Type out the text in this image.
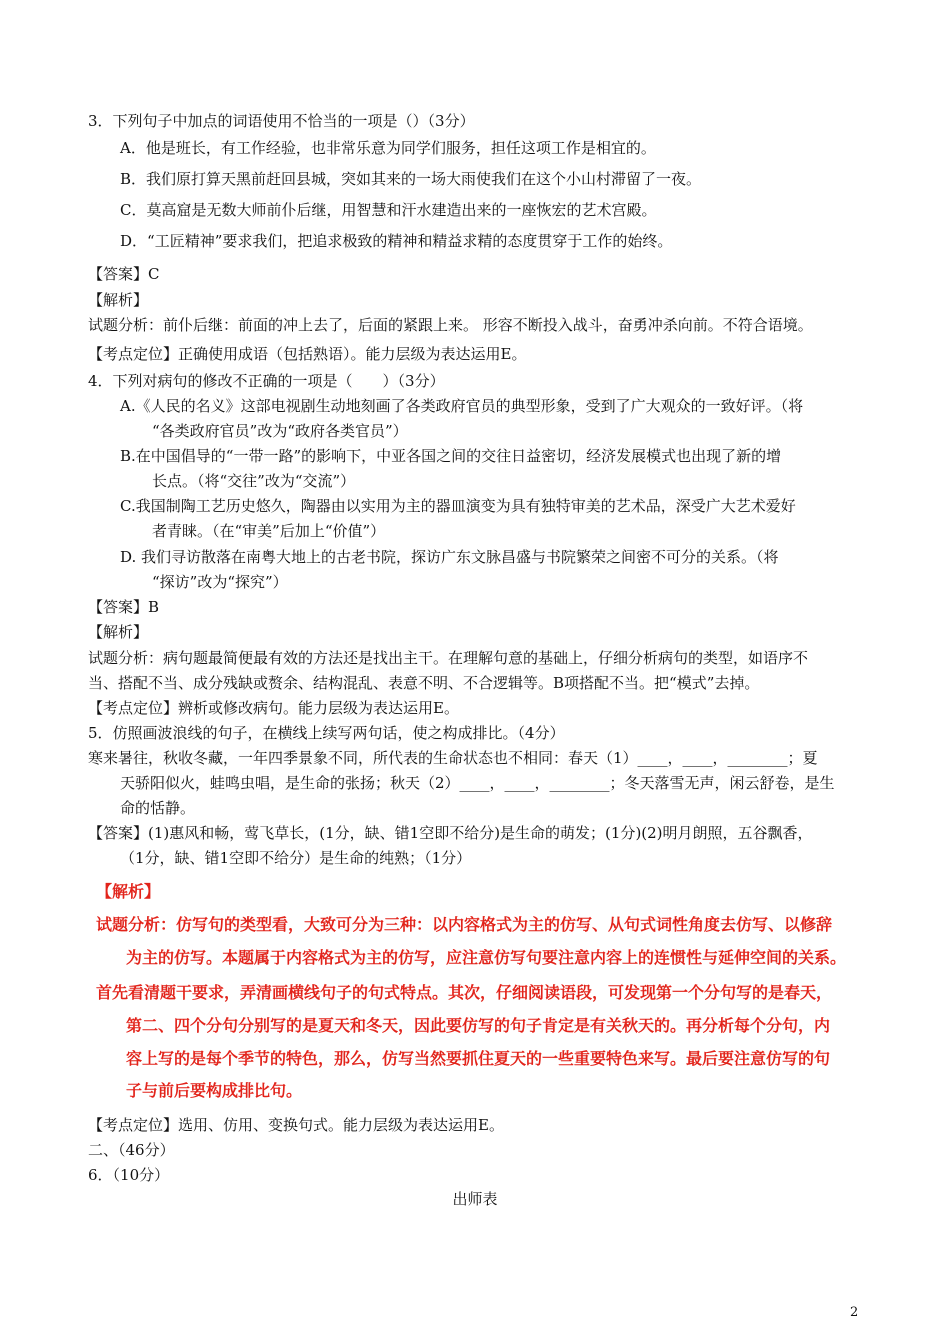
3．下列句子中加点的词语使用不恰当的一项是（）（3分）
A．他是班长，有工作经验，也非常乐意为同学们服务，担任这项工作是相宜的。
B．我们原打算天黑前赶回县城，突如其来的一场大雨使我们在这个小山村滞留了一夜。
C．莫高窟是无数大师前仆后继，用智慧和汗水建造出来的一座恢宏的艺术宫殿。
D．“工匠精神”要求我们，把追求极致的精神和精益求精的态度贯穿于工作的始终。
【答案】C
【解析】
试题分析：前仆后继：前面的冲上去了，后面的紧跟上来。 形容不断投入战斗，奋勇冲杀向前。不符合语境。
【考点定位】正确使用成语（包括熟语）。能力层级为表达运用E。
4．下列对病句的修改不正确的一项是（　　）（3分）
A.《人民的名义》这部电视剧生动地刻画了各类政府官员的典型形象，受到了广大观众的一致好评。（将
“各类政府官员”改为“政府各类官员”）
B.在中国倡导的“一带一路”的影响下，中亚各国之间的交往日益密切，经济发展模式也出现了新的增
长点。（将“交往”改为“交流”）
C.我国制陶工艺历史悠久，陶器由以实用为主的器皿演变为具有独特审美的艺术品，深受广大艺术爱好
者青睐。（在“审美”后加上“价值”）
D. 我们寻访散落在南粤大地上的古老书院，探访广东文脉昌盛与书院繁荣之间密不可分的关系。（将
“探访”改为“探究”）
【答案】B
【解析】
试题分析：病句题最简便最有效的方法还是找出主干。在理解句意的基础上，仔细分析病句的类型，如语序不
当、搭配不当、成分残缺或赘余、结构混乱、表意不明、不合逻辑等。B项搭配不当。把“模式”去掉。
【考点定位】辨析或修改病句。能力层级为表达运用E。
5．仿照画波浪线的句子，在横线上续写两句话，使之构成排比。（4分）
寒来暑往，秋收冬藏，一年四季景象不同，所代表的生命状态也不相同：春天（1）____，____，________；夏
天骄阳似火，蛙鸣虫唱，是生命的张扬；秋天（2）____，____，________；冬天落雪无声，闲云舒卷，是生
命的恬静。
【答案】(1)惠风和畅，莺飞草长，(1分，缺、错1空即不给分)是生命的萌发；(1分)(2)明月朗照，五谷飘香，
（1分，缺、错1空即不给分）是生命的纯熟；（1分）
【解析】
试题分析：仿写句的类型看，大致可分为三种：以内容格式为主的仿写、从句式词性角度去仿写、以修辞
为主的仿写。本题属于内容格式为主的仿写，应注意仿写句要注意内容上的连惯性与延伸空间的关系。
首先看清题干要求，弄清画横线句子的句式特点。其次，仔细阅读语段，可发现第一个分句写的是春天，
第二、四个分句分别写的是夏天和冬天，因此要仿写的句子肯定是有关秋天的。再分析每个分句，内
容上写的是每个季节的特色，那么，仿写当然要抓住夏天的一些重要特色来写。最后要注意仿写的句
子与前后要构成排比句。
【考点定位】选用、仿用、变换句式。能力层级为表达运用E。
二、（46分）
6．（10分）
出师表
2
